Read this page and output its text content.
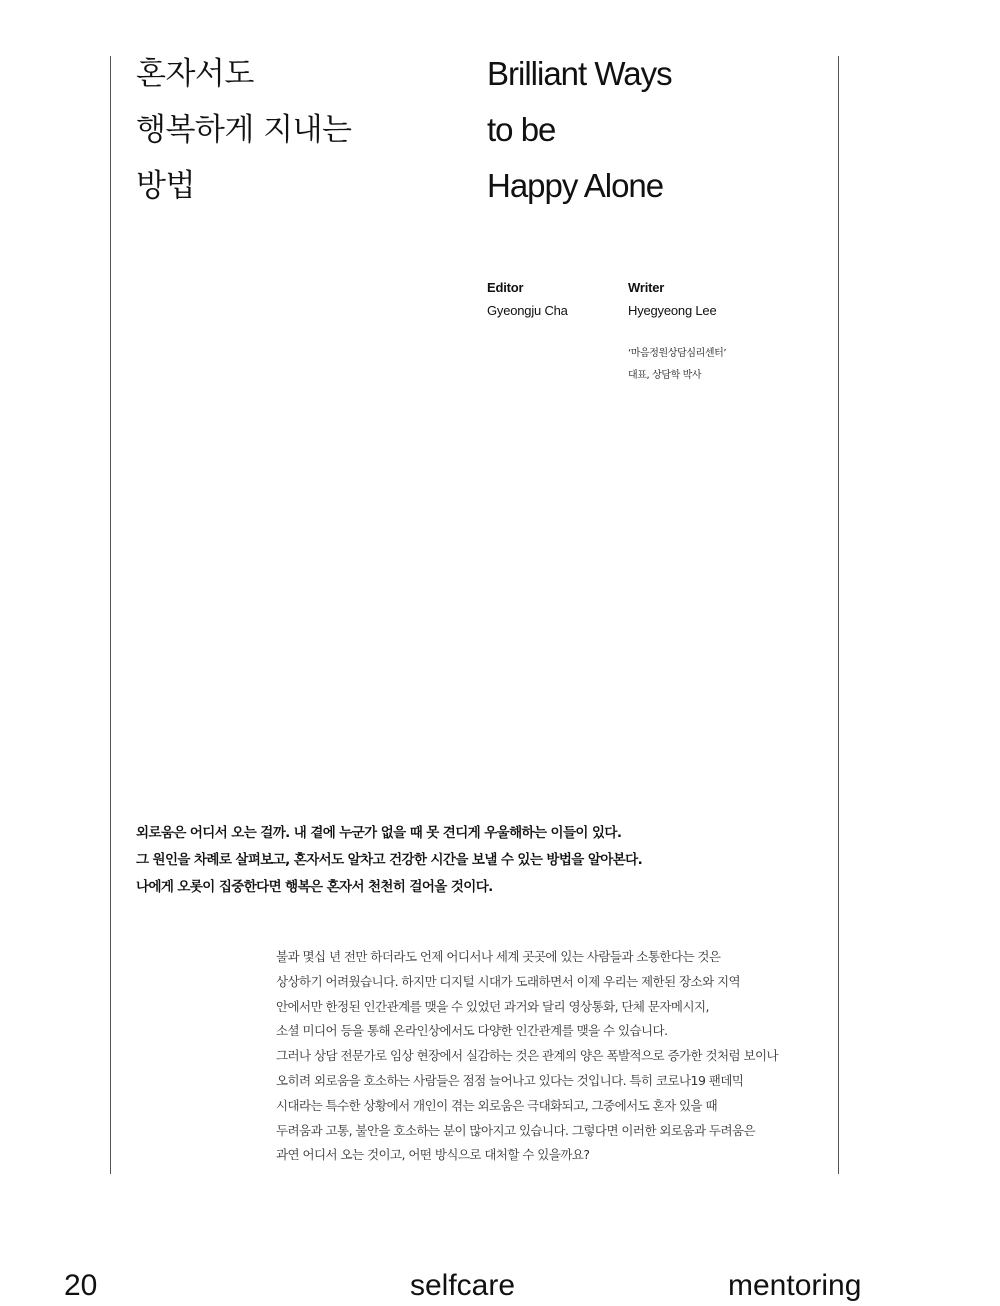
혼자서도
행복하게 지내는
방법
Brilliant Ways
to be
Happy Alone
Editor
Gyeongju Cha
Writer
Hyegyeong Lee
‘마음정원상담심리센터’
대표, 상담학 박사
외로움은 어디서 오는 걸까. 내 곁에 누군가 없을 때 못 견디게 우울해하는 이들이 있다.
그 원인을 차례로 살펴보고, 혼자서도 알차고 건강한 시간을 보낼 수 있는 방법을 알아본다.
나에게 오롯이 집중한다면 행복은 혼자서 천천히 걸어올 것이다.
불과 몇십 년 전만 하더라도 언제 어디서나 세계 곳곳에 있는 사람들과 소통한다는 것은
상상하기 어려웠습니다. 하지만 디지털 시대가 도래하면서 이제 우리는 제한된 장소와 지역
안에서만 한정된 인간관계를 맺을 수 있었던 과거와 달리 영상통화, 단체 문자메시지,
소셜 미디어 등을 통해 온라인상에서도 다양한 인간관계를 맺을 수 있습니다.
그러나 상담 전문가로 임상 현장에서 실감하는 것은 관계의 양은 폭발적으로 증가한 것처럼 보이나
오히려 외로움을 호소하는 사람들은 점점 늘어나고 있다는 것입니다. 특히 코로나19 팬데믹
시대라는 특수한 상황에서 개인이 겪는 외로움은 극대화되고, 그중에서도 혼자 있을 때
두려움과 고통, 불안을 호소하는 분이 많아지고 있습니다. 그렇다면 이러한 외로움과 두려움은
과연 어디서 오는 것이고, 어떤 방식으로 대처할 수 있을까요?
20	selfcare	mentoring
